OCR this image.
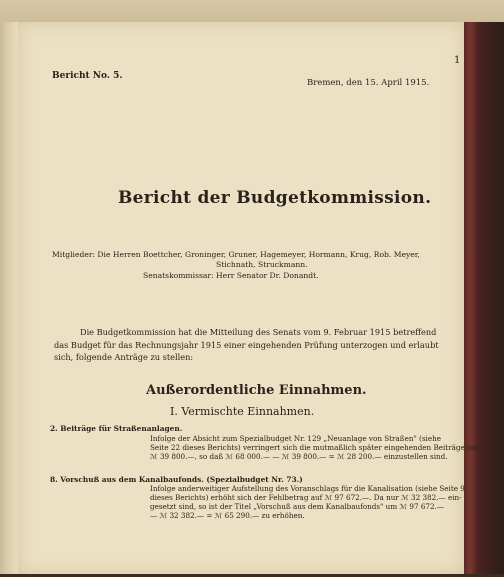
1
Bericht No. 5.
Bremen, den 15. April 1915.
Bericht der Budgetkommission.
Mitglieder: Die Herren Boettcher, Groninger, Gruner, Hagemeyer, Hormann, Krug, Rob. Meyer,
Stichnath, Struckmann.
Senatskommissar: Herr Senator Dr. Donandt.
Die Budgetkommission hat die Mitteilung des Senats vom 9. Februar 1915 betreffend
das Budget für das Rechnungsjahr 1915 einer eingehenden Prüfung unterzogen und erlaubt
sich, folgende Anträge zu stellen:
Außerordentliche Einnahmen.
I. Vermischte Einnahmen.
2. Beiträge für Straßenanlagen.
Infolge der Absicht zum Spezialbudget Nr. 129 „Neuanlage von Straßen" (siehe
Seite 22 dieses Berichts) verringert sich die mutmaßlich später eingehenden Beiträge um
ℳ 39 800.—, so daß ℳ 68 000.— — ℳ 39 800.— = ℳ 28 200.— einzustellen sind.
8. Vorschuß aus dem Kanalbaufonds. (Spezialbudget Nr. 73.)
Infolge anderweitiger Aufstellung des Voranschlags für die Kanalisation (siehe Seite 9
dieses Berichts) erhöht sich der Fehlbetrag auf ℳ 97 672.—. Da nur ℳ 32 382.— ein-
gesetzt sind, so ist der Titel „Vorschuß aus dem Kanalbaufonds" um ℳ 97 672.—
— ℳ 32 382.— = ℳ 65 290.— zu erhöhen.
